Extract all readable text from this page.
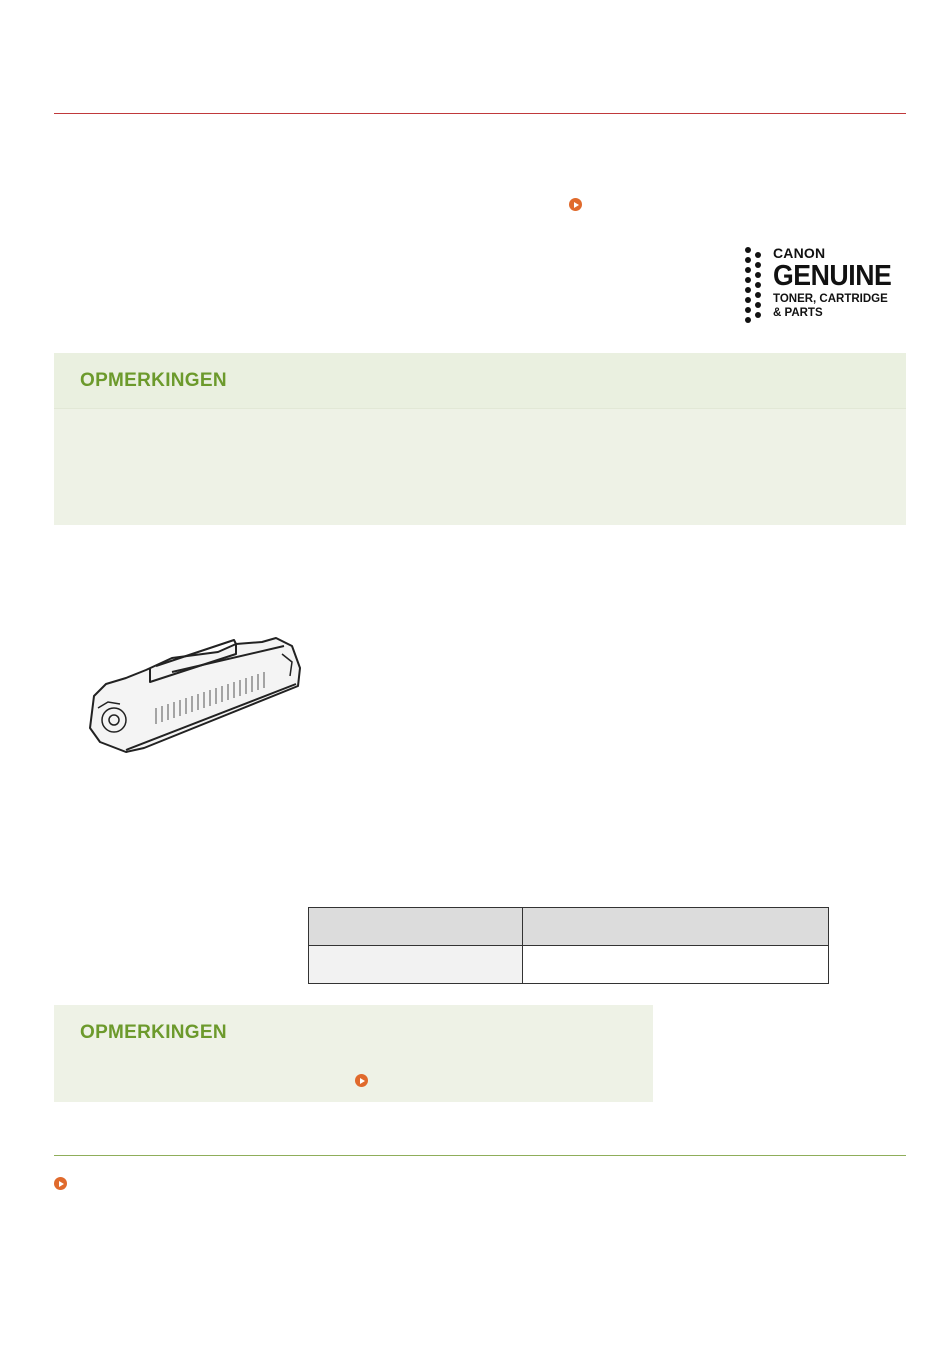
CANON
GENUINE
TONER, CARTRIDGE
& PARTS
OPMERKINGEN

OPMERKINGEN
